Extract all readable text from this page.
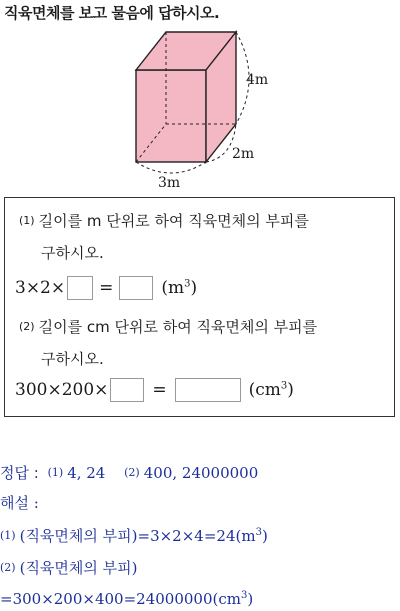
직육면체를 보고 물음에 답하시오.
4m
2m
3m
(1) 길이를 m 단위로 하여 직육면체의 부피를
구하시오.
3×2× =	$(m^3)$
(2) 길이를 cm 단위로 하여 직육면체의 부피를
구하시오.
300×200×	=	$(cm^3)$
정답 : (1) 4, 24 (2) 400, 24000000
해설 :
(1) (직육면체의 부피)$=3\times 2\times 4=24(m^3)$
(2) (직육면체의 부피)
$=300\times 200\times 400=24000000(cm^3)$
